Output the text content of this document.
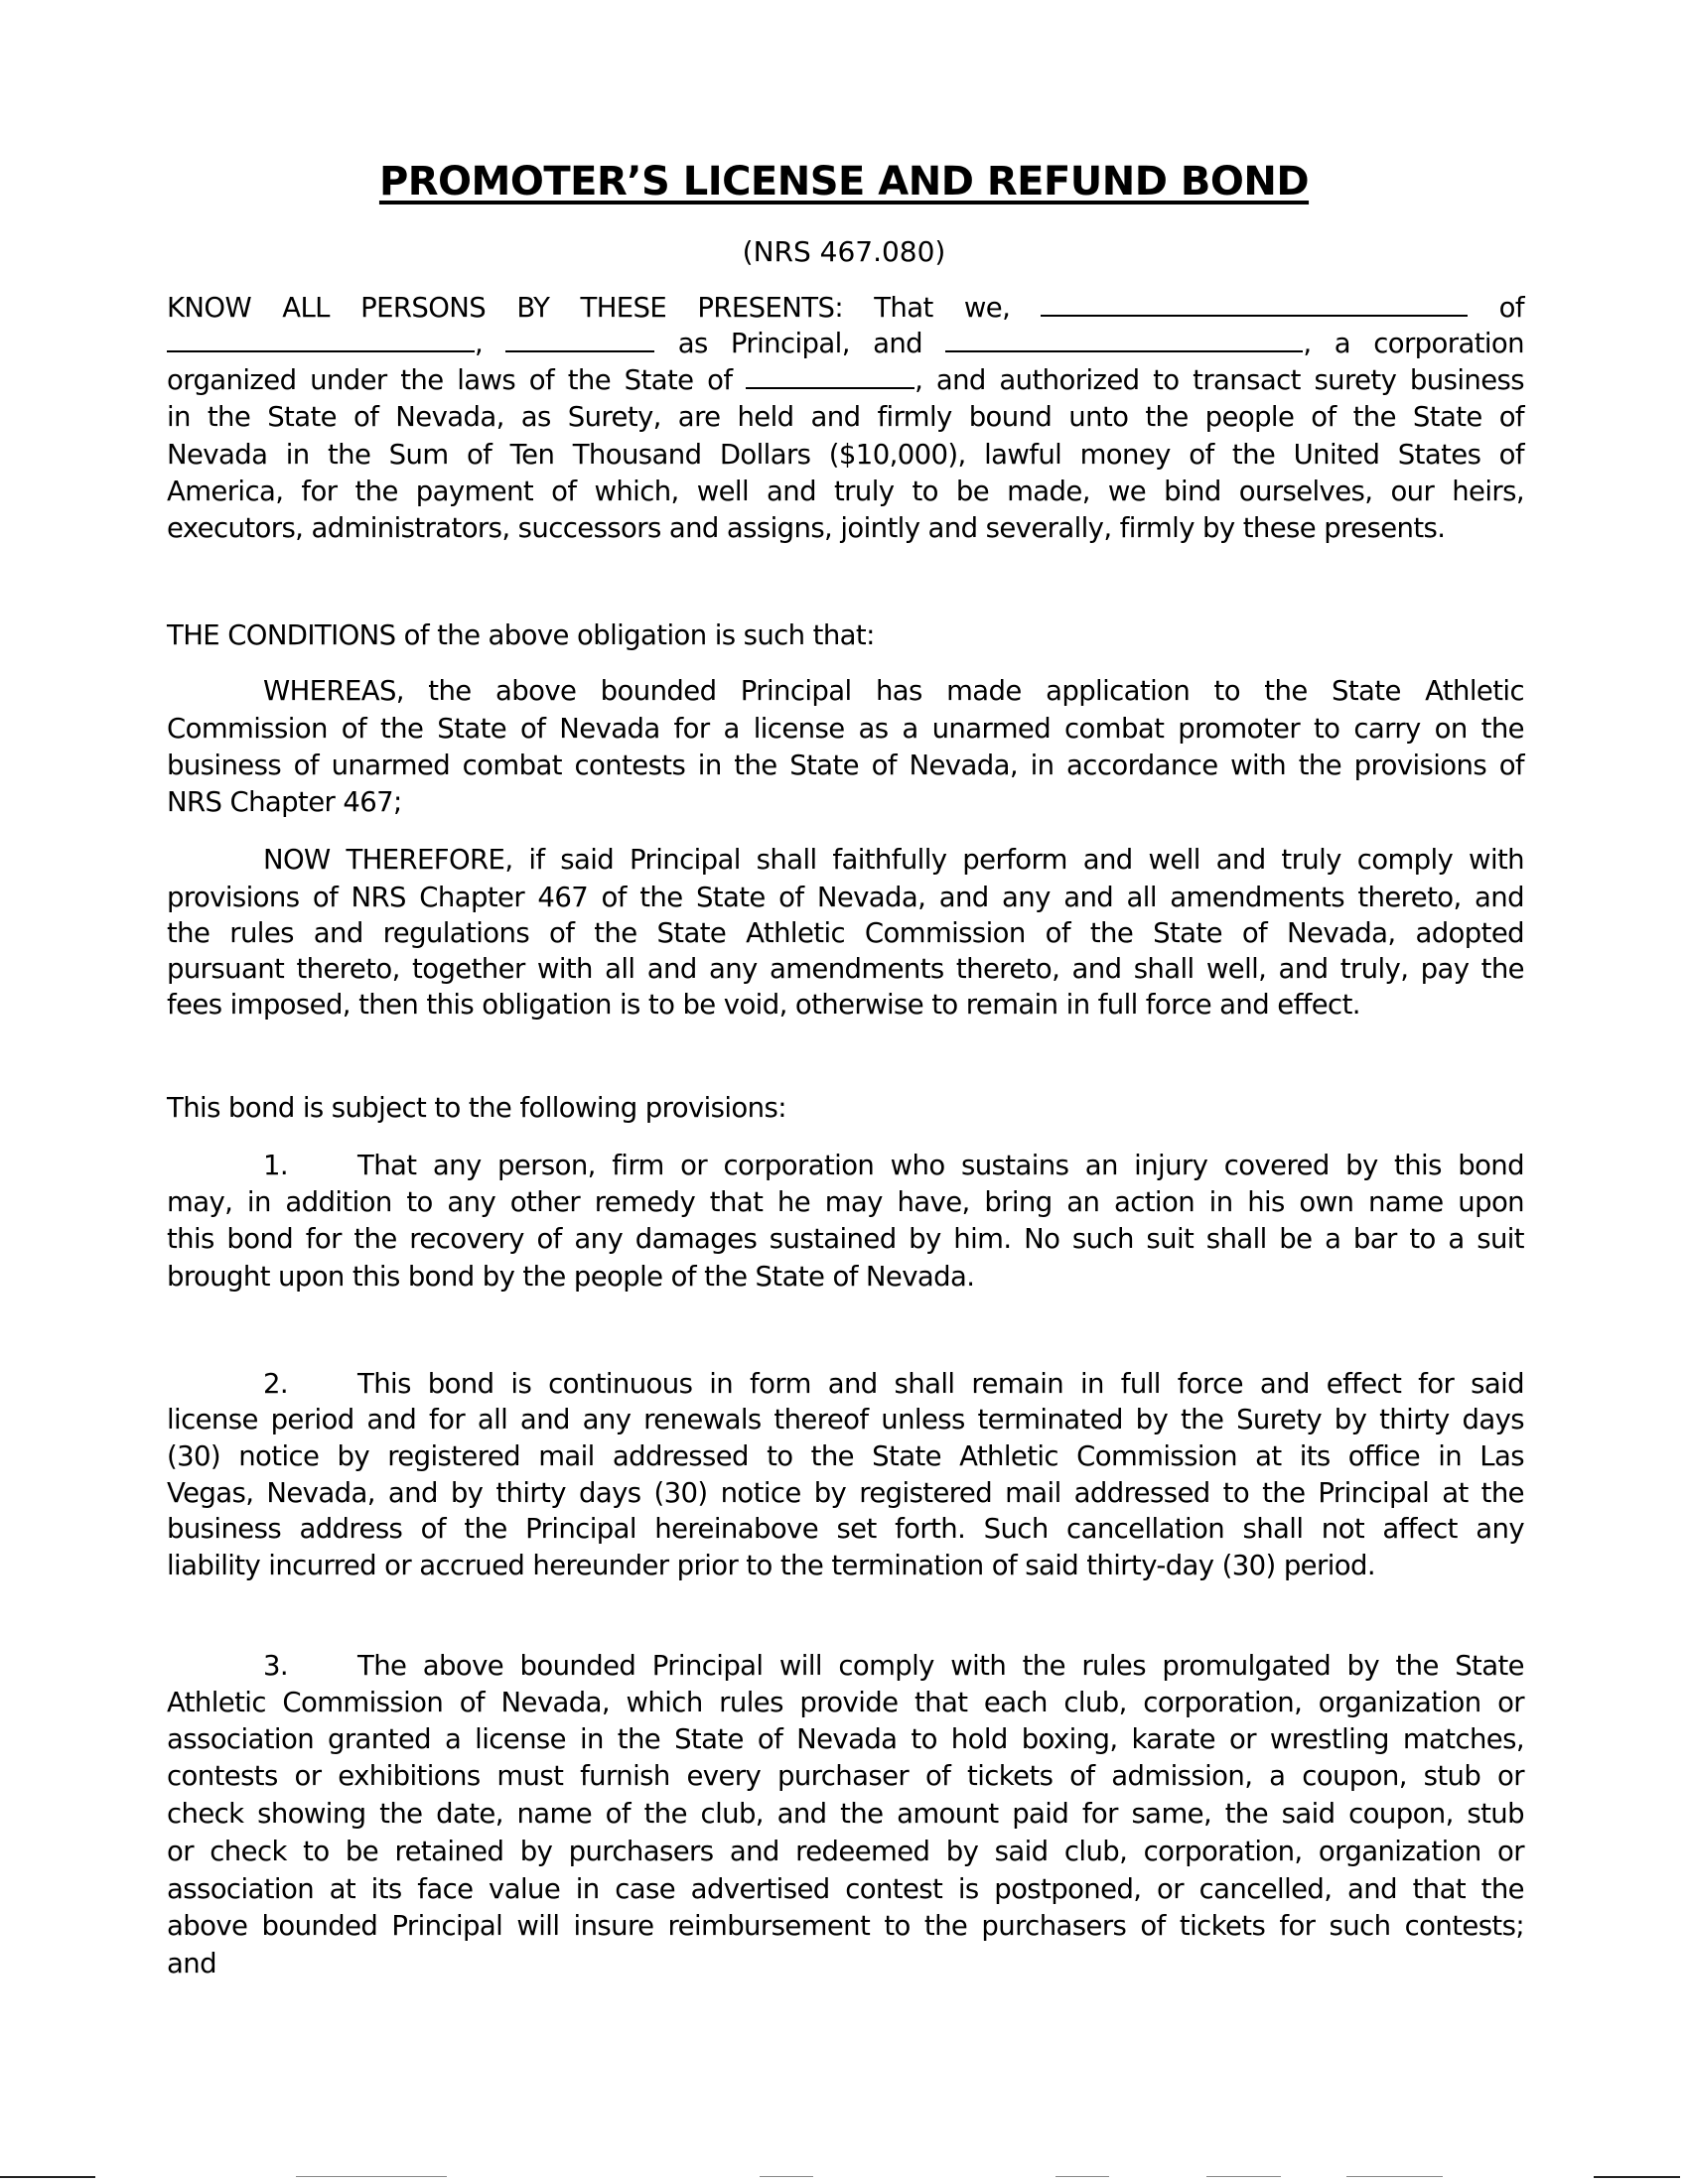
PROMOTER’S LICENSE AND REFUND BOND
(NRS 467.080)
KNOW ALL PERSONS BY THESE PRESENTS: That we,	of
,	as Principal, and	, a corporation
organized under the laws of the State of	, and authorized to transact surety business
in the State of Nevada, as Surety, are held and firmly bound unto the people of the State of
Nevada in the Sum of Ten Thousand Dollars ($10,000), lawful money of the United States of
America, for the payment of which, well and truly to be made, we bind ourselves, our heirs,
executors, administrators, successors and assigns, jointly and severally, firmly by these presents.
THE CONDITIONS of the above obligation is such that:
WHEREAS, the above bounded Principal has made application to the State Athletic
Commission of the State of Nevada for a license as a unarmed combat promoter to carry on the
business of unarmed combat contests in the State of Nevada, in accordance with the provisions of
NRS Chapter 467;
NOW THEREFORE, if said Principal shall faithfully perform and well and truly comply with
provisions of NRS Chapter 467 of the State of Nevada, and any and all amendments thereto, and
the rules and regulations of the State Athletic Commission of the State of Nevada, adopted
pursuant thereto, together with all and any amendments thereto, and shall well, and truly, pay the
fees imposed, then this obligation is to be void, otherwise to remain in full force and effect.
This bond is subject to the following provisions:
1.	That any person, firm or corporation who sustains an injury covered by this bond
may, in addition to any other remedy that he may have, bring an action in his own name upon
this bond for the recovery of any damages sustained by him. No such suit shall be a bar to a suit
brought upon this bond by the people of the State of Nevada.
2.	This bond is continuous in form and shall remain in full force and effect for said
license period and for all and any renewals thereof unless terminated by the Surety by thirty days
(30) notice by registered mail addressed to the State Athletic Commission at its office in Las
Vegas, Nevada, and by thirty days (30) notice by registered mail addressed to the Principal at the
business address of the Principal hereinabove set forth. Such cancellation shall not affect any
liability incurred or accrued hereunder prior to the termination of said thirty-day (30) period.
3.	The above bounded Principal will comply with the rules promulgated by the State
Athletic Commission of Nevada, which rules provide that each club, corporation, organization or
association granted a license in the State of Nevada to hold boxing, karate or wrestling matches,
contests or exhibitions must furnish every purchaser of tickets of admission, a coupon, stub or
check showing the date, name of the club, and the amount paid for same, the said coupon, stub
or check to be retained by purchasers and redeemed by said club, corporation, organization or
association at its face value in case advertised contest is postponed, or cancelled, and that the
above bounded Principal will insure reimbursement to the purchasers of tickets for such contests;
and
